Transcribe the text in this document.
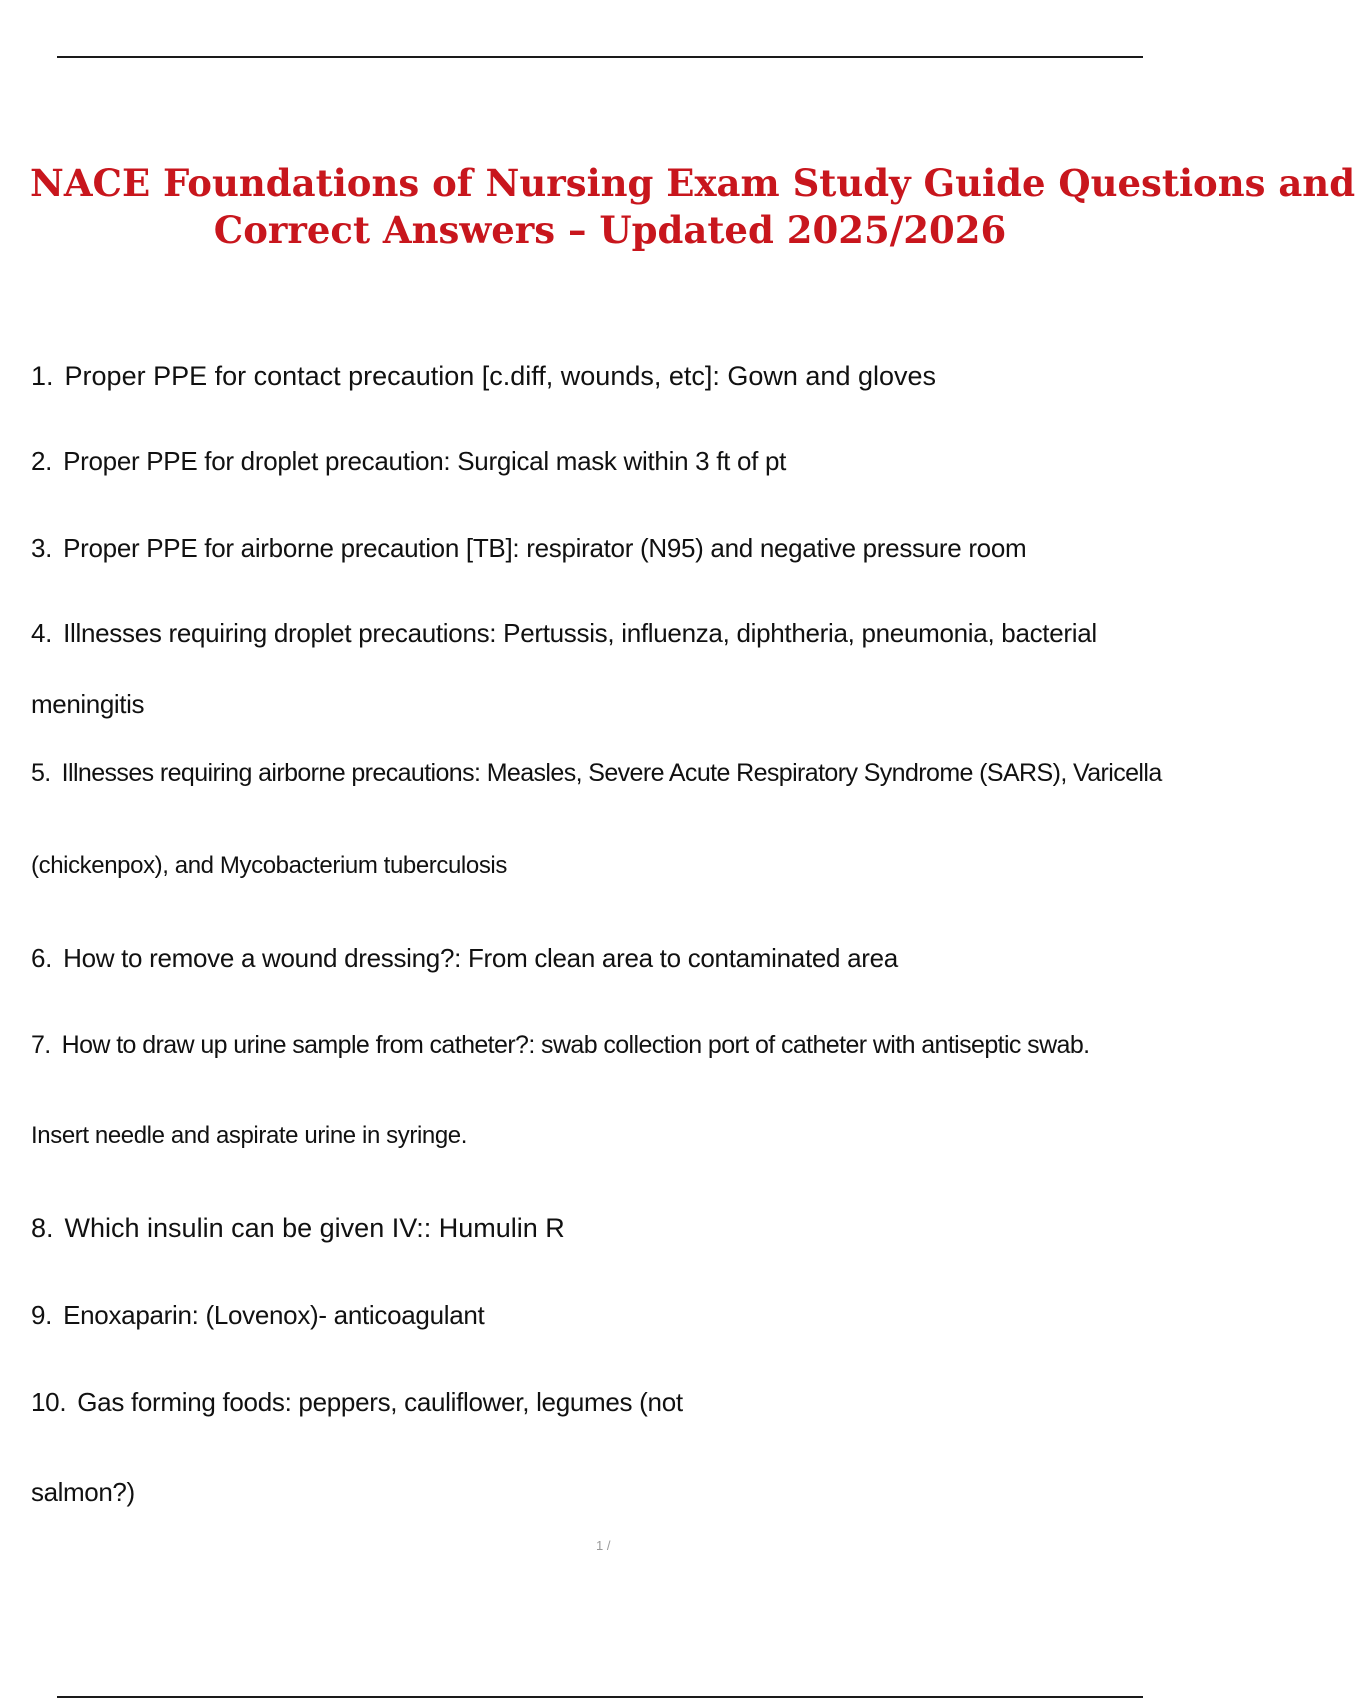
NACE Foundations of Nursing Exam Study Guide Questions and
Correct Answers – Updated 2025/2026

1. Proper PPE for contact precaution [c.diff, wounds, etc]: Gown and gloves

2. Proper PPE for droplet precaution: Surgical mask within 3 ft of pt

3. Proper PPE for airborne precaution [TB]: respirator (N95) and negative pressure room

4. Illnesses requiring droplet precautions: Pertussis, influenza, diphtheria, pneumonia, bacterial

meningitis

5. Illnesses requiring airborne precautions: Measles, Severe Acute Respiratory Syndrome (SARS), Varicella

(chickenpox), and Mycobacterium tuberculosis

6. How to remove a wound dressing?: From clean area to contaminated area

7. How to draw up urine sample from catheter?: swab collection port of catheter with antiseptic swab.

Insert needle and aspirate urine in syringe.

8. Which insulin can be given IV:: Humulin R

9. Enoxaparin: (Lovenox)- anticoagulant

10. Gas forming foods: peppers, cauliflower, legumes (not

salmon?)

1 /
